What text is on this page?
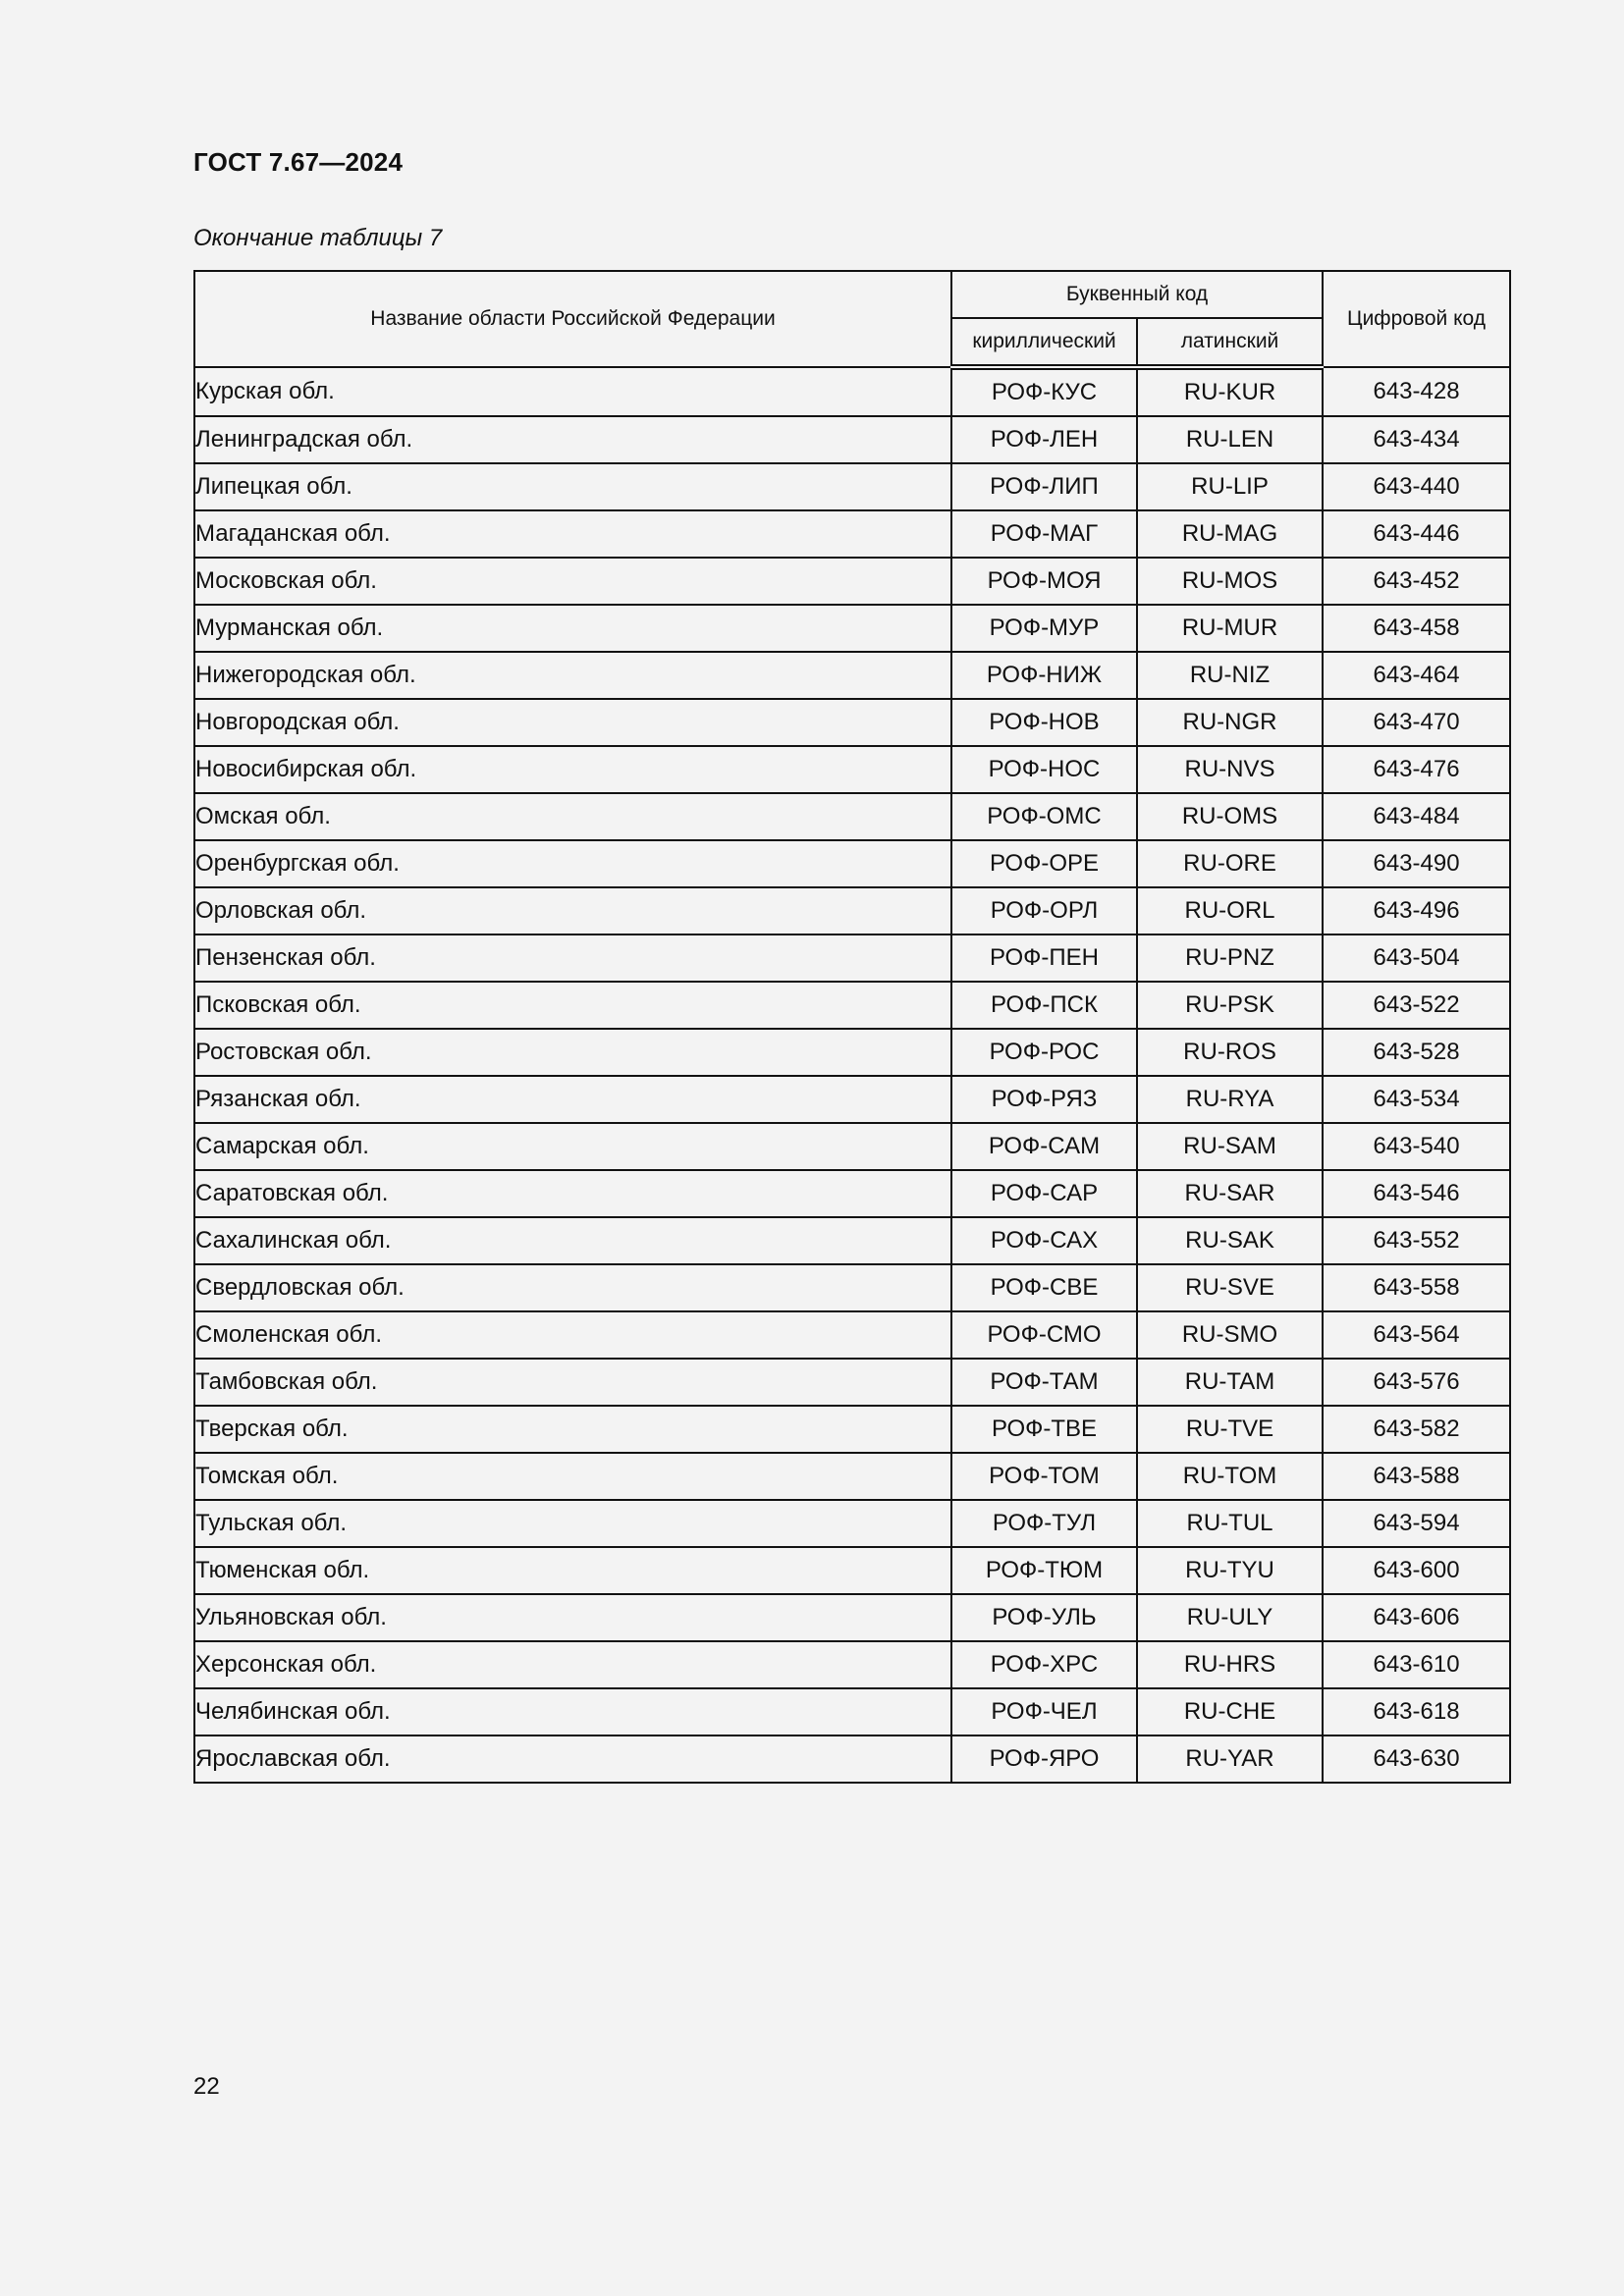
ГОСТ 7.67—2024
Окончание таблицы 7
Название области Российской Федерации	Буквенный код		Цифровой код
	кириллический	латинский	
Курская обл.	РОФ-КУС	RU-KUR	643-428
Ленинградская обл.	РОФ-ЛЕН	RU-LEN	643-434
Липецкая обл.	РОФ-ЛИП	RU-LIP	643-440
Магаданская обл.	РОФ-МАГ	RU-MAG	643-446
Московская обл.	РОФ-МОЯ	RU-MOS	643-452
Мурманская обл.	РОФ-МУР	RU-MUR	643-458
Нижегородская обл.	РОФ-НИЖ	RU-NIZ	643-464
Новгородская обл.	РОФ-НОВ	RU-NGR	643-470
Новосибирская обл.	РОФ-НОС	RU-NVS	643-476
Омская обл.	РОФ-ОМС	RU-OMS	643-484
Оренбургская обл.	РОФ-ОРЕ	RU-ORE	643-490
Орловская обл.	РОФ-ОРЛ	RU-ORL	643-496
Пензенская обл.	РОФ-ПЕН	RU-PNZ	643-504
Псковская обл.	РОФ-ПСК	RU-PSK	643-522
Ростовская обл.	РОФ-РОС	RU-ROS	643-528
Рязанская обл.	РОФ-РЯЗ	RU-RYA	643-534
Самарская обл.	РОФ-САМ	RU-SAM	643-540
Саратовская обл.	РОФ-САР	RU-SAR	643-546
Сахалинская обл.	РОФ-САХ	RU-SAK	643-552
Свердловская обл.	РОФ-СВЕ	RU-SVE	643-558
Смоленская обл.	РОФ-СМО	RU-SMO	643-564
Тамбовская обл.	РОФ-ТАМ	RU-TAM	643-576
Тверская обл.	РОФ-ТВЕ	RU-TVE	643-582
Томская обл.	РОФ-ТОМ	RU-TOM	643-588
Тульская обл.	РОФ-ТУЛ	RU-TUL	643-594
Тюменская обл.	РОФ-ТЮМ	RU-TYU	643-600
Ульяновская обл.	РОФ-УЛЬ	RU-ULY	643-606
Херсонская обл.	РОФ-ХРС	RU-HRS	643-610
Челябинская обл.	РОФ-ЧЕЛ	RU-CHE	643-618
Ярославская обл.	РОФ-ЯРО	RU-YAR	643-630
22
